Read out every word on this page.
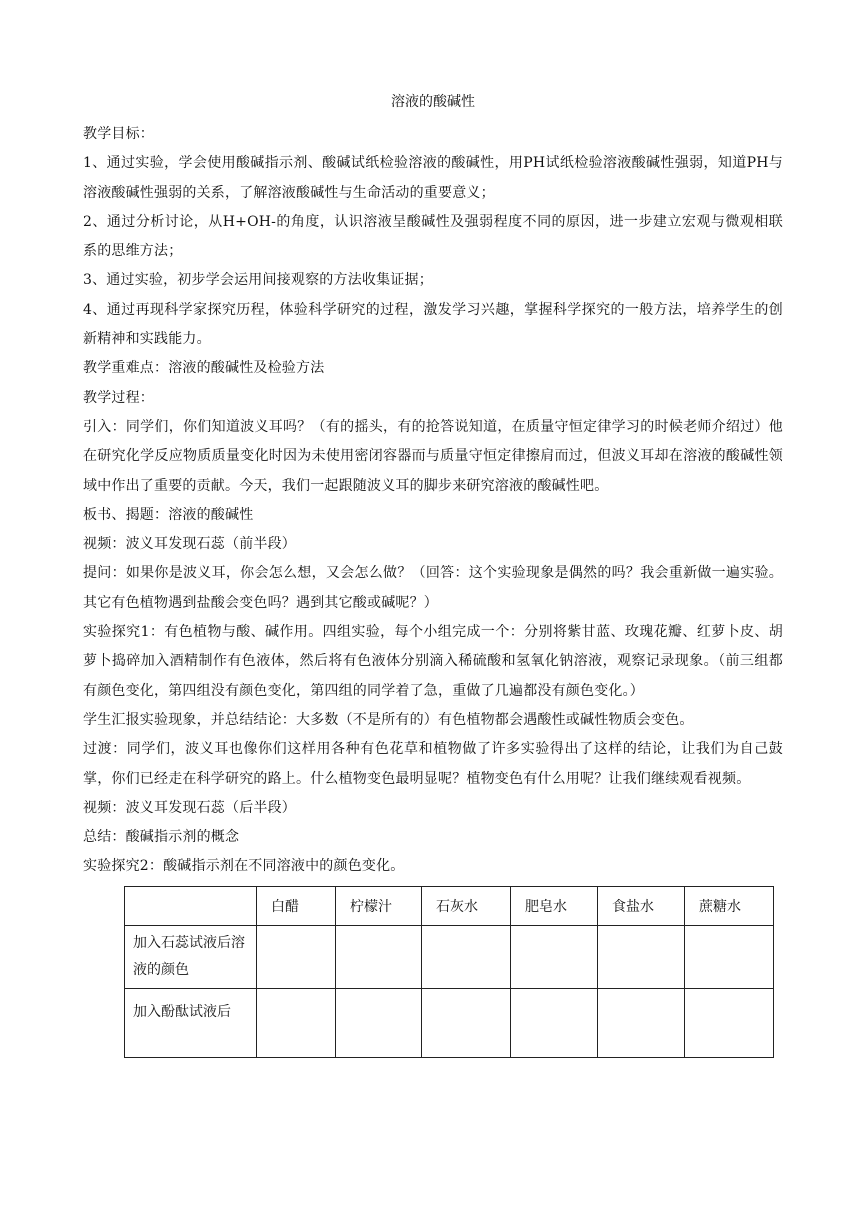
溶液的酸碱性

教学目标：

1、通过实验，学会使用酸碱指示剂、酸碱试纸检验溶液的酸碱性，用PH试纸检验溶液酸碱性强弱，知道PH与溶液酸碱性强弱的关系，了解溶液酸碱性与生命活动的重要意义；

2、通过分析讨论，从H+OH-的角度，认识溶液呈酸碱性及强弱程度不同的原因，进一步建立宏观与微观相联系的思维方法；

3、通过实验，初步学会运用间接观察的方法收集证据；

4、通过再现科学家探究历程，体验科学研究的过程，激发学习兴趣，掌握科学探究的一般方法，培养学生的创新精神和实践能力。

教学重难点：溶液的酸碱性及检验方法

教学过程：

引入：同学们，你们知道波义耳吗？（有的摇头，有的抢答说知道，在质量守恒定律学习的时候老师介绍过）他在研究化学反应物质质量变化时因为未使用密闭容器而与质量守恒定律擦肩而过，但波义耳却在溶液的酸碱性领域中作出了重要的贡献。今天，我们一起跟随波义耳的脚步来研究溶液的酸碱性吧。

板书、揭题：溶液的酸碱性

视频：波义耳发现石蕊（前半段）

提问：如果你是波义耳，你会怎么想，又会怎么做？（回答：这个实验现象是偶然的吗？我会重新做一遍实验。其它有色植物遇到盐酸会变色吗？遇到其它酸或碱呢？）

实验探究1：有色植物与酸、碱作用。四组实验，每个小组完成一个：分别将紫甘蓝、玫瑰花瓣、红萝卜皮、胡萝卜捣碎加入酒精制作有色液体，然后将有色液体分别滴入稀硫酸和氢氧化钠溶液，观察记录现象。（前三组都有颜色变化，第四组没有颜色变化，第四组的同学着了急，重做了几遍都没有颜色变化。）

学生汇报实验现象，并总结结论：大多数（不是所有的）有色植物都会遇酸性或碱性物质会变色。

过渡：同学们，波义耳也像你们这样用各种有色花草和植物做了许多实验得出了这样的结论，让我们为自己鼓掌，你们已经走在科学研究的路上。什么植物变色最明显呢？植物变色有什么用呢？让我们继续观看视频。

视频：波义耳发现石蕊（后半段）

总结：酸碱指示剂的概念

实验探究2：酸碱指示剂在不同溶液中的颜色变化。

	白醋	柠檬汁	石灰水	肥皂水	食盐水	蔗糖水
加入石蕊试液后溶液的颜色						
加入酚酞试液后						
